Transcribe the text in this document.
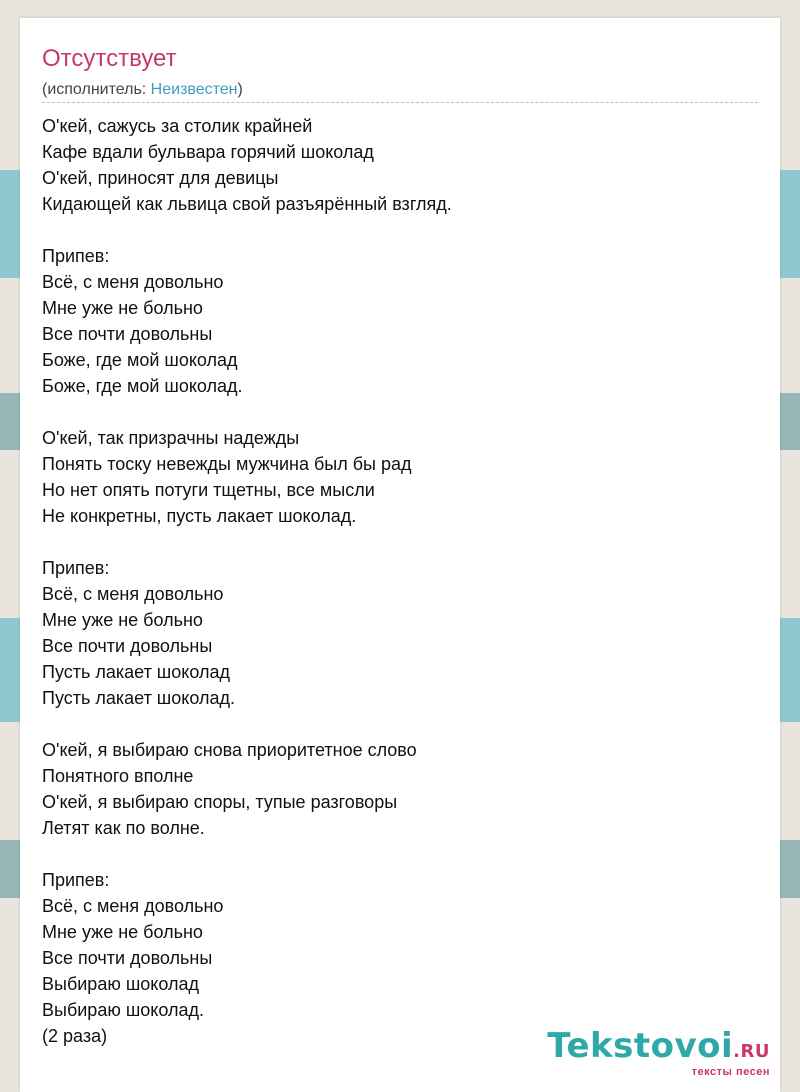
Отсутствует
(исполнитель: Неизвестен)
О'кей, сажусь за столик крайней
Кафе вдали бульвара горячий шоколад
О'кей, приносят для девицы
Кидающей как львица свой разъярённый взгляд.
Припев:
Всё, с меня довольно
Мне уже не больно
Все почти довольны
Боже, где мой шоколад
Боже, где мой шоколад.
О'кей, так призрачны надежды
Понять тоску невежды мужчина был бы рад
Но нет опять потуги тщетны, все мысли
Не конкретны, пусть лакает шоколад.
Припев:
Всё, с меня довольно
Мне уже не больно
Все почти довольны
Пусть лакает шоколад
Пусть лакает шоколад.
О'кей, я выбираю снова приоритетное слово
Понятного вполне
О'кей, я выбираю споры, тупые разговоры
Летят как по волне.
Припев:
Всё, с меня довольно
Мне уже не больно
Все почти довольны
Выбираю шоколад
Выбираю шоколад.
(2 раза)	Tekstovoi.RU
тексты песен
